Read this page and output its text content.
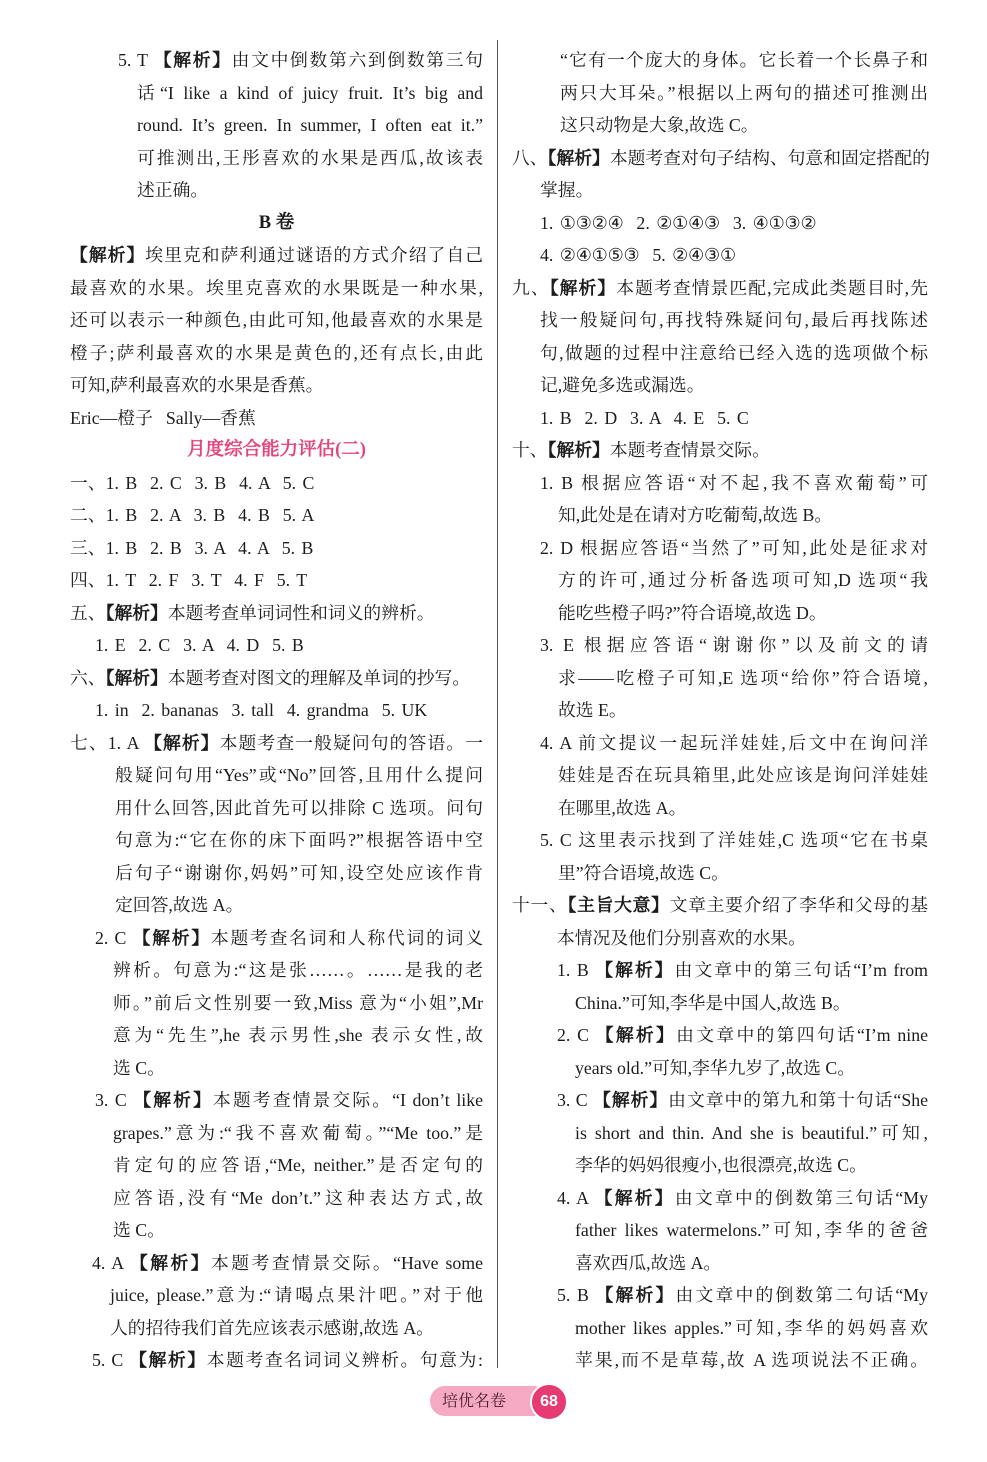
5. T 【解析】由文中倒数第六到倒数第三句
话“I like a kind of juicy fruit. It’s big and
round. It’s green. In summer, I often eat it.”
可推测出,王彤喜欢的水果是西瓜,故该表
述正确。
B 卷
【解析】埃里克和萨利通过谜语的方式介绍了自己
最喜欢的水果。埃里克喜欢的水果既是一种水果,
还可以表示一种颜色,由此可知,他最喜欢的水果是
橙子;萨利最喜欢的水果是黄色的,还有点长,由此
可知,萨利最喜欢的水果是香蕉。
Eric—橙子  Sally—香蕉
月度综合能力评估(二)
一、1. B  2. C  3. B  4. A  5. C
二、1. B  2. A  3. B  4. B  5. A
三、1. B  2. B  3. A  4. A  5. B
四、1. T  2. F  3. T  4. F  5. T
五、【解析】本题考查单词词性和词义的辨析。
1. E  2. C  3. A  4. D  5. B
六、【解析】本题考查对图文的理解及单词的抄写。
1. in  2. bananas  3. tall  4. grandma  5. UK
七、1. A 【解析】本题考查一般疑问句的答语。一
般疑问句用“Yes”或“No”回答,且用什么提问
用什么回答,因此首先可以排除 C 选项。问句
句意为:“它在你的床下面吗?”根据答语中空
后句子“谢谢你,妈妈”可知,设空处应该作肯
定回答,故选 A。
2. C 【解析】本题考查名词和人称代词的词义
辨析。句意为:“这是张……。……是我的老
师。”前后文性别要一致,Miss 意为“小姐”,Mr
意为“先生”,he 表示男性,she 表示女性,故
选 C。
3. C 【解析】本题考查情景交际。“I don’t like
grapes.”意为:“我不喜欢葡萄。”“Me too.”是
肯定句的应答语,“Me, neither.”是否定句的
应答语,没有“Me don’t.”这种表达方式,故
选 C。
4. A 【解析】本题考查情景交际。“Have some
juice, please.”意为:“请喝点果汁吧。”对于他
人的招待我们首先应该表示感谢,故选 A。
5. C 【解析】本题考查名词词义辨析。句意为:
“它有一个庞大的身体。它长着一个长鼻子和
两只大耳朵。”根据以上两句的描述可推测出
这只动物是大象,故选 C。
八、【解析】本题考查对句子结构、句意和固定搭配的
掌握。
1. ①③②④  2. ②①④③  3. ④①③②
4. ②④①⑤③  5. ②④③①
九、【解析】本题考查情景匹配,完成此类题目时,先
找一般疑问句,再找特殊疑问句,最后再找陈述
句,做题的过程中注意给已经入选的选项做个标
记,避免多选或漏选。
1. B  2. D  3. A  4. E  5. C
十、【解析】本题考查情景交际。
1. B 根据应答语“对不起,我不喜欢葡萄”可
知,此处是在请对方吃葡萄,故选 B。
2. D 根据应答语“当然了”可知,此处是征求对
方的许可,通过分析备选项可知,D 选项“我
能吃些橙子吗?”符合语境,故选 D。
3. E 根据应答语“谢谢你”以及前文的请
求——吃橙子可知,E 选项“给你”符合语境,
故选 E。
4. A 前文提议一起玩洋娃娃,后文中在询问洋
娃娃是否在玩具箱里,此处应该是询问洋娃娃
在哪里,故选 A。
5. C 这里表示找到了洋娃娃,C 选项“它在书桌
里”符合语境,故选 C。
十一、【主旨大意】文章主要介绍了李华和父母的基
本情况及他们分别喜欢的水果。
1. B 【解析】由文章中的第三句话“I’m from
China.”可知,李华是中国人,故选 B。
2. C 【解析】由文章中的第四句话“I’m nine
years old.”可知,李华九岁了,故选 C。
3. C 【解析】由文章中的第九和第十句话“She
is short and thin. And she is beautiful.”可知,
李华的妈妈很瘦小,也很漂亮,故选 C。
4. A 【解析】由文章中的倒数第三句话“My
father likes watermelons.”可知,李华的爸爸
喜欢西瓜,故选 A。
5. B 【解析】由文章中的倒数第二句话“My
mother likes apples.”可知,李华的妈妈喜欢
苹果,而不是草莓,故 A 选项说法不正确。
培优名卷	68
